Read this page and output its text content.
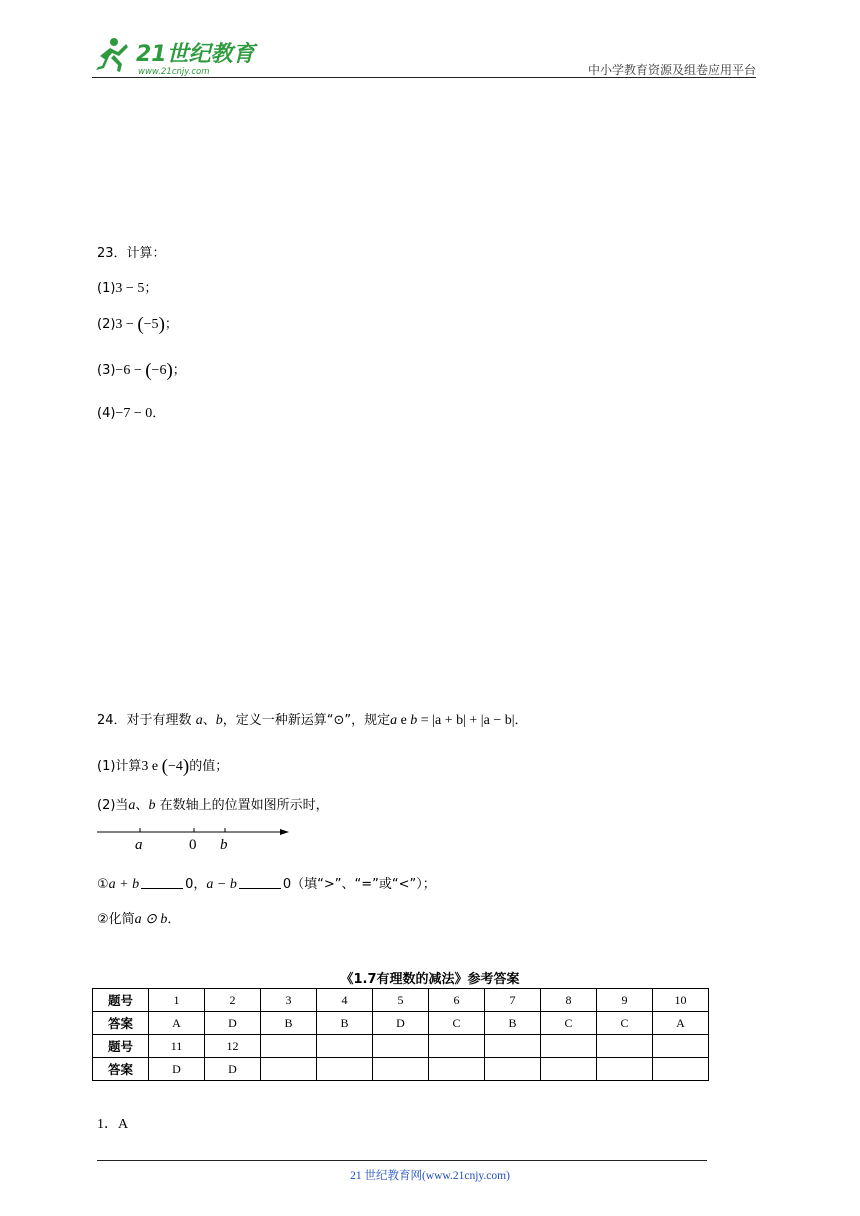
21世纪教育
www.21cnjy.com	中小学教育资源及组卷应用平台
23．计算：
(1)3 − 5；
(2)3 − (−5)；
(3)−6 − (−6)；
(4)−7 − 0．
24．对于有理数 a、b，定义一种新运算“⊙”，规定a e b = |a + b| + |a − b|．
(1)计算3 e (−4)的值；
(2)当a、b 在数轴上的位置如图所示时，
a	0 b
①a + b	0，a − b	0（填“>”、“=”或“<”）；
②化简a ⊙ b．
《1.7有理数的减法》参考答案
题号	1	2	3	4	5	6	7	8	9	10
答案	A	D	B	B	D	C	B	C	C	A
题号	11	12								
答案	D	D								
1．A
21 世纪教育网(www.21cnjy.com)
